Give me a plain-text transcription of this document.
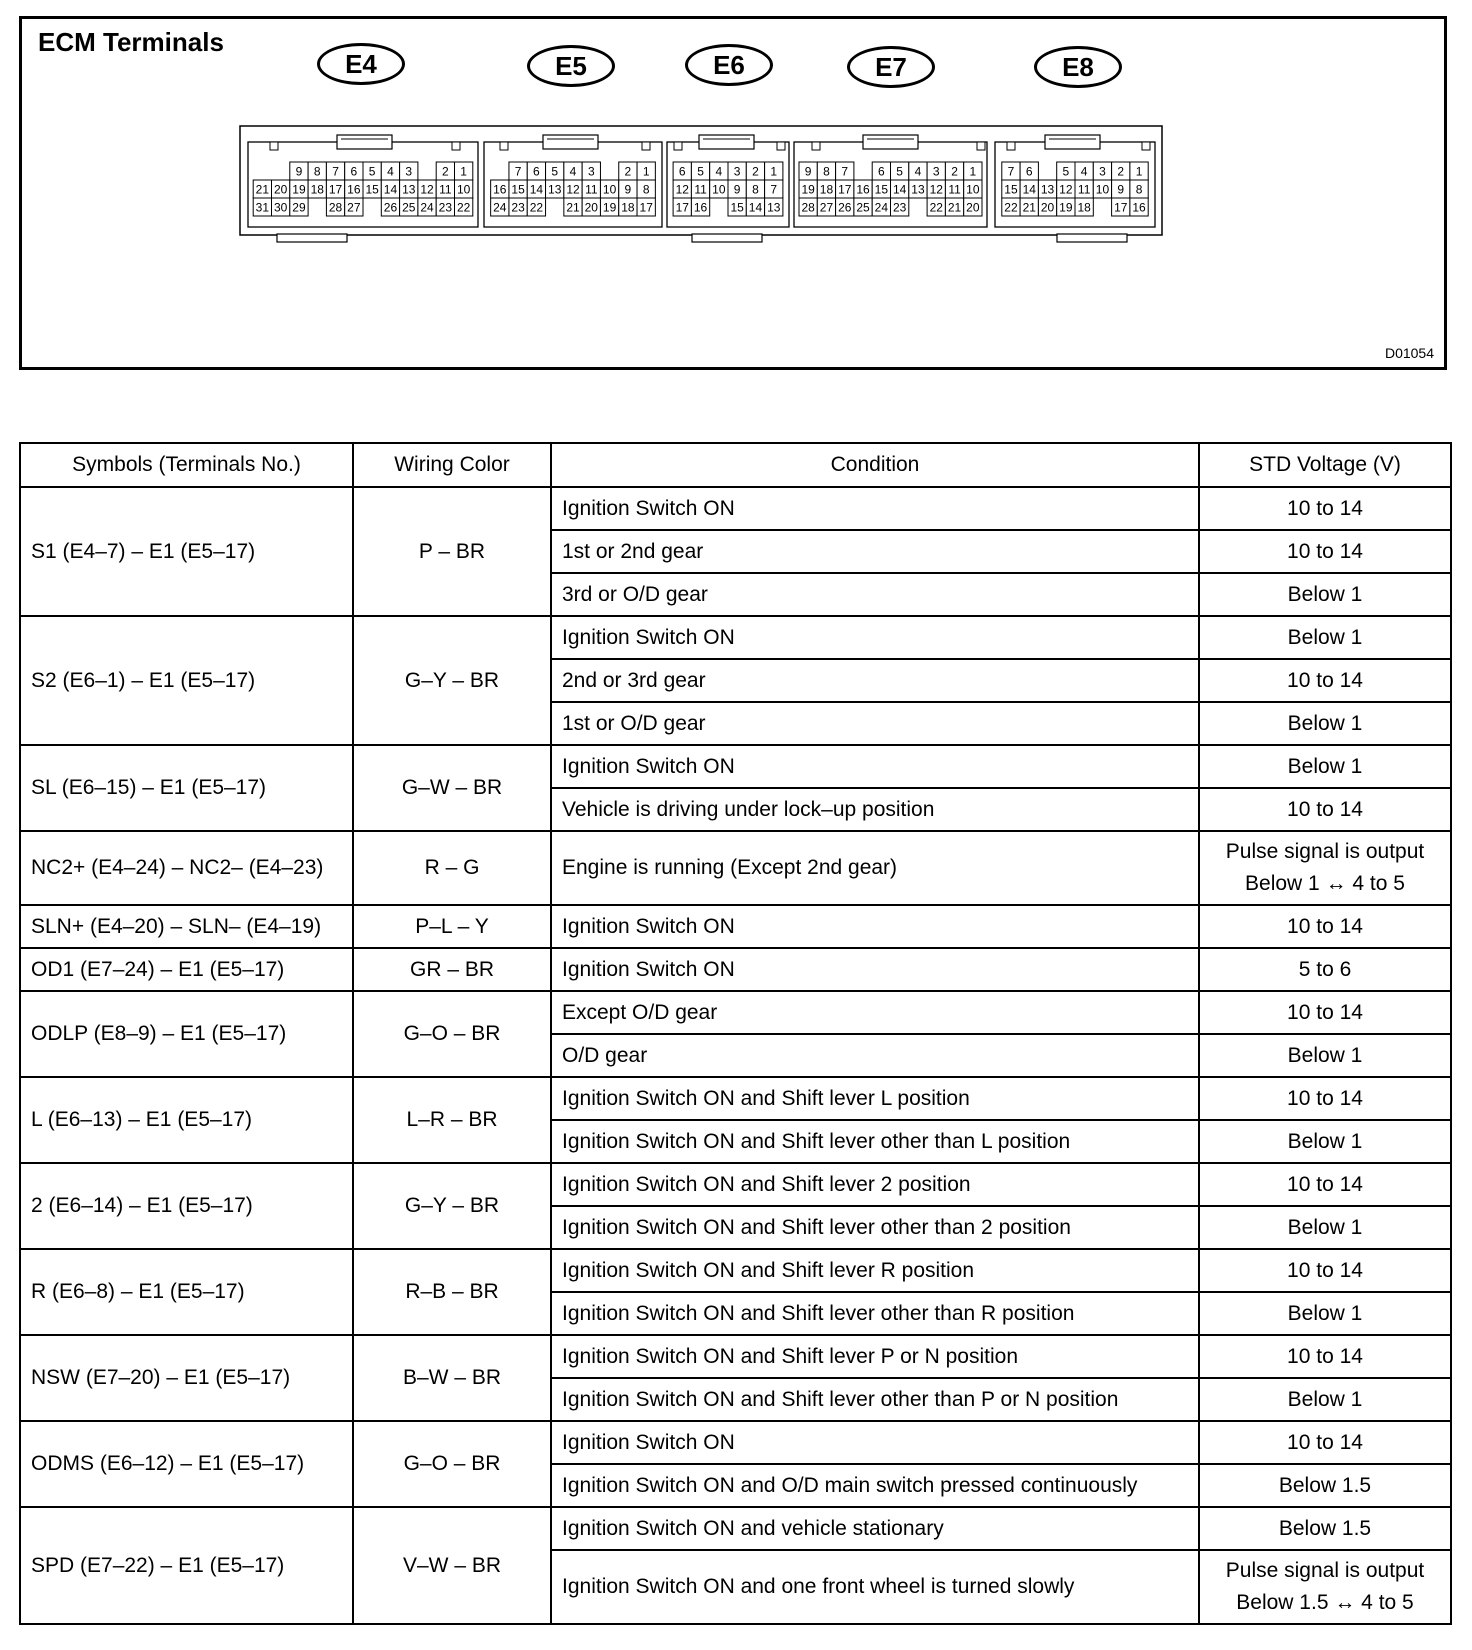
ECM Terminals
E4	E5	E6	E7	E8
9 8 7 6 5 4 3 2 1
21 20 19 18 17 16 15 14 13 12 11 10
31 30 29 28 27 26 25 24 23 22
7 6 5 4 3 2 1
16 15 14 13 12 11 10 9 8
24 23 22 21 20 19 18 17
6 5 4 3 2 1
12 11 10 9 8 7
17 16 15 14 13
9 8 7 6 5 4 3 2 1
19 18 17 16 15 14 13 12 11 10
28 27 26 25 24 23 22 21 20
7 6 5 4 3 2 1
15 14 13 12 11 10 9 8
22 21 20 19 18 17 16
D01054
Symbols (Terminals No.)	Wiring Color	Condition	STD Voltage (V)
S1 (E4–7) – E1 (E5–17)	P – BR	Ignition Switch ON	10 to 14

		1st or 2nd gear	10 to 14

		3rd or O/D gear	Below 1

S2 (E6–1) – E1 (E5–17)	G–Y – BR	Ignition Switch ON	Below 1

		2nd or 3rd gear	10 to 14

		1st or O/D gear	Below 1

SL (E6–15) – E1 (E5–17)	G–W – BR	Ignition Switch ON	Below 1

		Vehicle is driving under lock–up position	10 to 14

NC2+ (E4–24) – NC2– (E4–23)	R – G	Engine is running (Except 2nd gear)	Pulse signal is output
Below 1 ↔ 4 to 5

SLN+ (E4–20) – SLN– (E4–19)	P–L – Y	Ignition Switch ON	10 to 14

OD1 (E7–24) – E1 (E5–17)	GR – BR	Ignition Switch ON	5 to 6

ODLP (E8–9) – E1 (E5–17)	G–O – BR	Except O/D gear	10 to 14

		O/D gear	Below 1

L (E6–13) – E1 (E5–17)	L–R – BR	Ignition Switch ON and Shift lever L position	10 to 14

		Ignition Switch ON and Shift lever other than L position	Below 1

2 (E6–14) – E1 (E5–17)	G–Y – BR	Ignition Switch ON and Shift lever 2 position	10 to 14

		Ignition Switch ON and Shift lever other than 2 position	Below 1

R (E6–8) – E1 (E5–17)	R–B – BR	Ignition Switch ON and Shift lever R position	10 to 14

		Ignition Switch ON and Shift lever other than R position	Below 1

NSW (E7–20) – E1 (E5–17)	B–W – BR	Ignition Switch ON and Shift lever P or N position	10 to 14

		Ignition Switch ON and Shift lever other than P or N position	Below 1

ODMS (E6–12) – E1 (E5–17)	G–O – BR	Ignition Switch ON	10 to 14

		Ignition Switch ON and O/D main switch pressed continuously	Below 1.5

SPD (E7–22) – E1 (E5–17)	V–W – BR	Ignition Switch ON and vehicle stationary	Below 1.5

		Ignition Switch ON and one front wheel is turned slowly	Pulse signal is output
Below 1.5 ↔ 4 to 5
